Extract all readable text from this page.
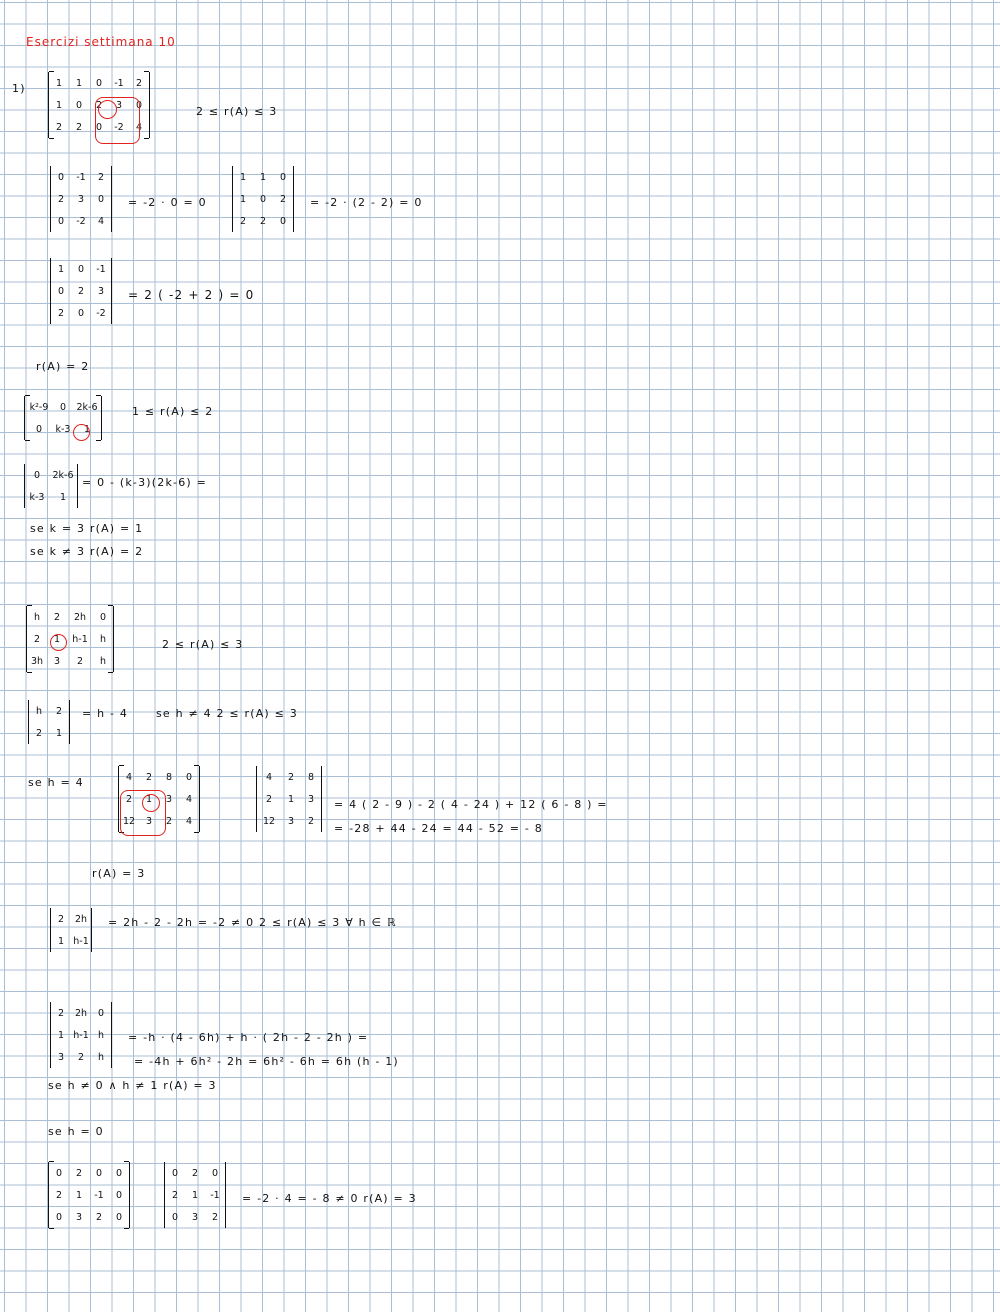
Esercizi settimana 10
1)	1	1	0	-1	2
1	0	2	3	0
2	2	0	-2	4
2 ≤ r(A) ≤ 3
0	-1	2
2	3	0
0	-2	4
= -2 · 0 = 0
1	1	0
1	0	2
2	2	0
= -2 · (2 - 2) = 0
1	0	-1
0	2	3
2	0	-2
= 2 ( -2 + 2 ) = 0
r(A) = 2
k²-9	0	2k-6
0	k-3	1
1 ≤ r(A) ≤ 2
0	2k-6
k-3	1
= 0 - (k-3)(2k-6) =
se k = 3 r(A) = 1
se k ≠ 3 r(A) = 2
h	2	2h	0
2	1	h-1	h
3h	3	2	h
2 ≤ r(A) ≤ 3
h	2
2	1
= h - 4	se h ≠ 4 2 ≤ r(A) ≤ 3
se h = 4	4	2	8	0
2	1	3	4
12	3	2	4
4	2	8
2	1	3
12	3	2
= 4 ( 2 - 9 ) - 2 ( 4 - 24 ) + 12 ( 6 - 8 ) =
= -28 + 44 - 24 = 44 - 52 = - 8
r(A) = 3
2	2h
1	h-1
= 2h - 2 - 2h = -2 ≠ 0 2 ≤ r(A) ≤ 3 ∀ h ∈ ℝ
2	2h	0
1	h-1	h
3	2	h
= -h · (4 - 6h) + h · ( 2h - 2 - 2h ) =
= -4h + 6h² - 2h = 6h² - 6h = 6h (h - 1)
se h ≠ 0 ∧ h ≠ 1 r(A) = 3
se h = 0
0	2	0	0
2	1	-1	0
0	3	2	0
0	2	0
2	1	-1
0	3	2
= -2 · 4 = - 8 ≠ 0 r(A) = 3
